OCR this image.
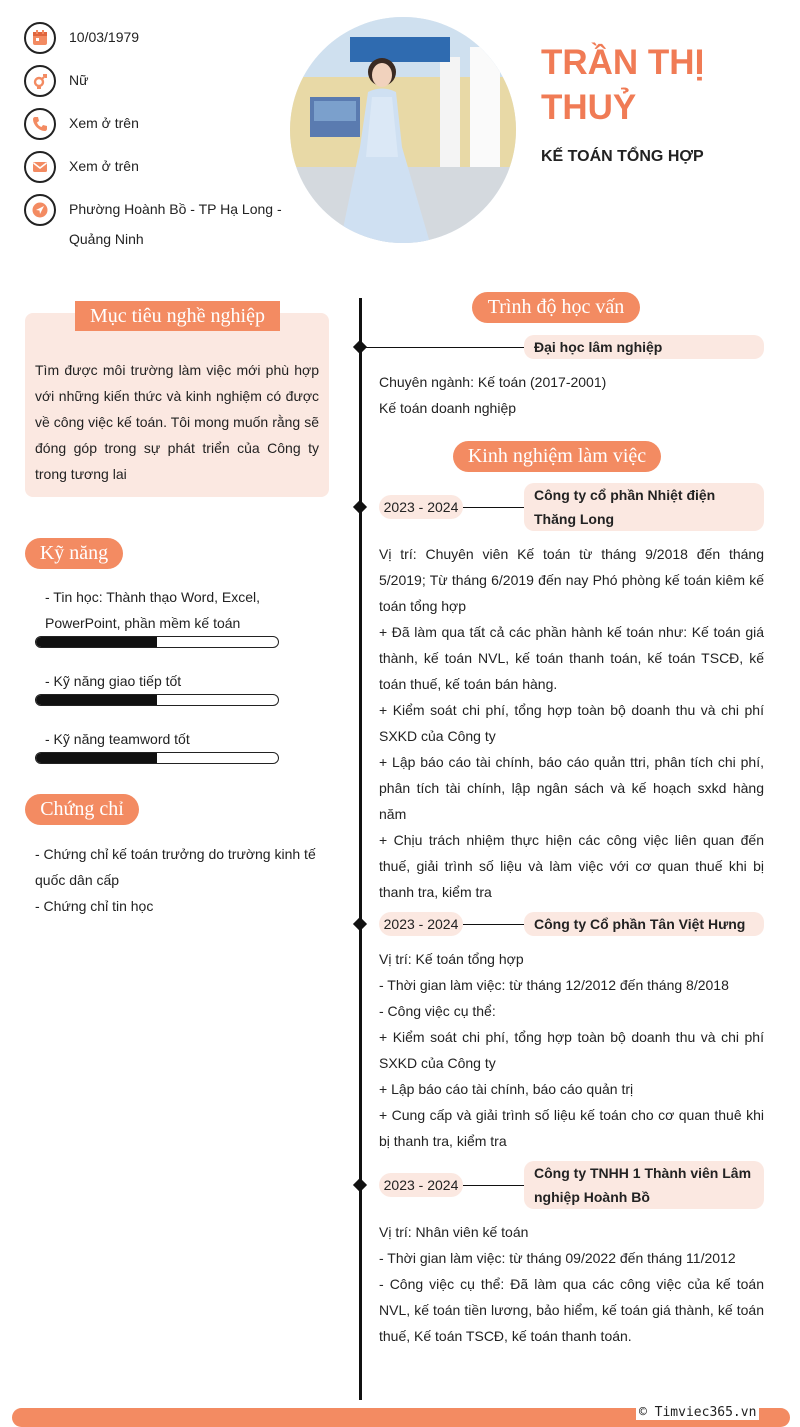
10/03/1979
Nữ
Xem ở trên
Xem ở trên
Phường Hoành Bồ - TP Hạ Long - Quảng Ninh
TRẦN THỊ THUỶ
KẾ TOÁN TỔNG HỢP
Mục tiêu nghề nghiệp
Tìm được môi trường làm việc mới phù hợp với những kiến thức và kinh nghiệm có được về công việc kế toán. Tôi mong muốn rằng sẽ đóng góp trong sự phát triển của Công ty trong tương lai
Kỹ năng
- Tin học: Thành thạo Word, Excel, PowerPoint, phần mềm kế toán
- Kỹ năng giao tiếp tốt
- Kỹ năng teamword tốt
Chứng chỉ
- Chứng chỉ kế toán trưởng do trường kinh tế quốc dân cấp
- Chứng chỉ tin học
Trình độ học vấn
Đại học lâm nghiệp
Chuyên ngành: Kế toán (2017-2001)
Kế toán doanh nghiệp
Kinh nghiệm làm việc
2023 - 2024
Công ty cổ phần Nhiệt điện Thăng Long
Vị trí: Chuyên viên Kế toán từ tháng 9/2018 đến tháng 5/2019; Từ tháng 6/2019 đến nay Phó phòng kế toán kiêm kế toán tổng hợp
+ Đã làm qua tất cả các phần hành kế toán như: Kế toán giá thành, kế toán NVL, kế toán thanh toán, kế toán TSCĐ, kế toán thuế, kế toán bán hàng.
+ Kiểm soát chi phí, tổng hợp toàn bộ doanh thu và chi phí SXKD của Công ty
+ Lập báo cáo tài chính, báo cáo quản ttri, phân tích chi phí, phân tích tài chính, lập ngân sách và kế hoạch sxkd hàng năm
+ Chịu trách nhiệm thực hiện các công việc liên quan đến thuế, giải trình số liệu và làm việc với cơ quan thuế khi bị thanh tra, kiểm tra
2023 - 2024	Công ty Cổ phần Tân Việt Hưng
Vị trí: Kế toán tổng hợp
- Thời gian làm việc: từ tháng 12/2012 đến tháng 8/2018
- Công việc cụ thể:
+ Kiểm soát chi phí, tổng hợp toàn bộ doanh thu và chi phí SXKD của Công ty
+ Lập báo cáo tài chính, báo cáo quản trị
+ Cung cấp và giải trình số liệu kế toán cho cơ quan thuê khi bị thanh tra, kiểm tra
2023 - 2024
Công ty TNHH 1 Thành viên Lâm nghiệp Hoành Bồ
Vị trí: Nhân viên kế toán
- Thời gian làm việc: từ tháng 09/2022 đến tháng 11/2012
- Công việc cụ thể: Đã làm qua các công việc của kế toán NVL, kế toán tiền lương, bảo hiểm, kế toán giá thành, kế toán thuế, Kế toán TSCĐ, kế toán thanh toán.
© Timviec365.vn
